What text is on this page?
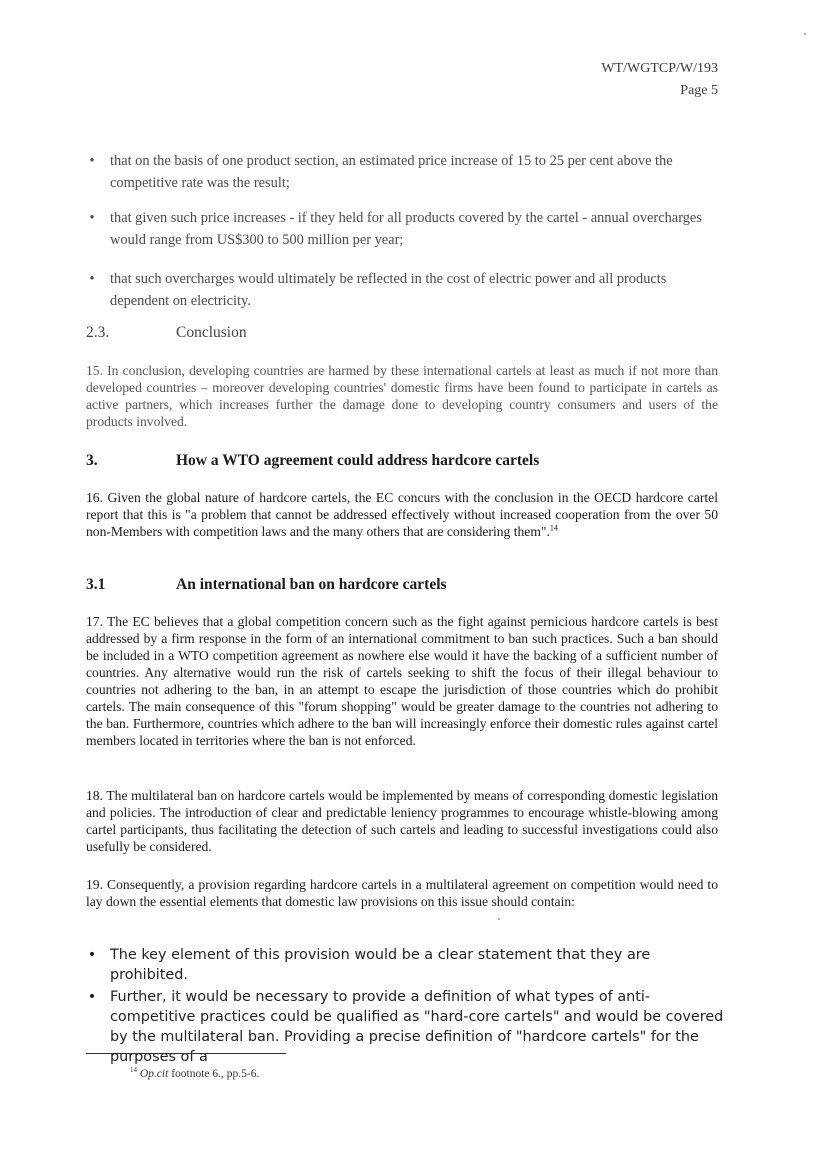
WT/WGTCP/W/193
Page 5
• that on the basis of one product section, an estimated price increase of 15 to 25 per cent above the competitive rate was the result;
• that given such price increases - if they held for all products covered by the cartel - annual overcharges would range from US$300 to 500 million per year;
• that such overcharges would ultimately be reflected in the cost of electric power and all products dependent on electricity.
2.3.	Conclusion
15. In conclusion, developing countries are harmed by these international cartels at least as much if not more than developed countries – moreover developing countries' domestic firms have been found to participate in cartels as active partners, which increases further the damage done to developing country consumers and users of the products involved.
3.	How a WTO agreement could address hardcore cartels
16. Given the global nature of hardcore cartels, the EC concurs with the conclusion in the OECD hardcore cartel report that this is "a problem that cannot be addressed effectively without increased cooperation from the over 50 non-Members with competition laws and the many others that are considering them".$^{14}$
3.1	An international ban on hardcore cartels
17. The EC believes that a global competition concern such as the fight against pernicious hardcore cartels is best addressed by a firm response in the form of an international commitment to ban such practices. Such a ban should be included in a WTO competition agreement as nowhere else would it have the backing of a sufficient number of countries. Any alternative would run the risk of cartels seeking to shift the focus of their illegal behaviour to countries not adhering to the ban, in an attempt to escape the jurisdiction of those countries which do prohibit cartels. The main consequence of this "forum shopping" would be greater damage to the countries not adhering to the ban. Furthermore, countries which adhere to the ban will increasingly enforce their domestic rules against cartel members located in territories where the ban is not enforced.
18. The multilateral ban on hardcore cartels would be implemented by means of corresponding domestic legislation and policies. The introduction of clear and predictable leniency programmes to encourage whistle-blowing among cartel participants, thus facilitating the detection of such cartels and leading to successful investigations could also usefully be considered.
19. Consequently, a provision regarding hardcore cartels in a multilateral agreement on competition would need to lay down the essential elements that domestic law provisions on this issue should contain:
• The key element of this provision would be a clear statement that they are prohibited.
• Further, it would be necessary to provide a definition of what types of anti-competitive practices could be qualified as "hard-core cartels" and would be covered by the multilateral ban. Providing a precise definition of "hardcore cartels" for the purposes of a
$^{14}$ Op.cit footnote 6., pp.5-6.
